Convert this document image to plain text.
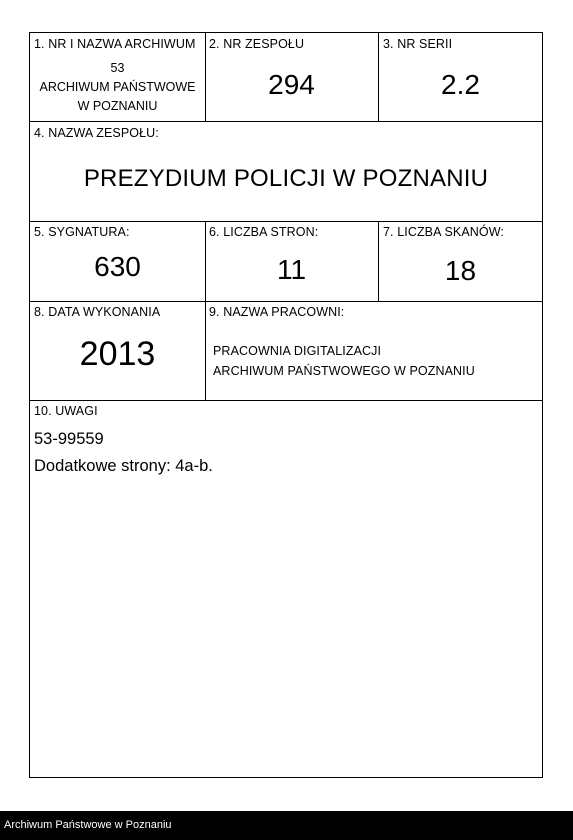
1. NR I NAZWA ARCHIWUM
53
ARCHIWUM PAŃSTWOWE
W POZNANIU
2. NR ZESPOŁU
294
3. NR SERII
2.2
4. NAZWA ZESPOŁU:
PREZYDIUM POLICJI W POZNANIU
5. SYGNATURA:
630
6. LICZBA STRON:
11
7. LICZBA SKANÓW:
18
8. DATA WYKONANIA
2013
9. NAZWA PRACOWNI:
PRACOWNIA DIGITALIZACJI
ARCHIWUM PAŃSTWOWEGO W POZNANIU
10. UWAGI
53-99559
Dodatkowe strony: 4a-b.
Archiwum Państwowe w Poznaniu
